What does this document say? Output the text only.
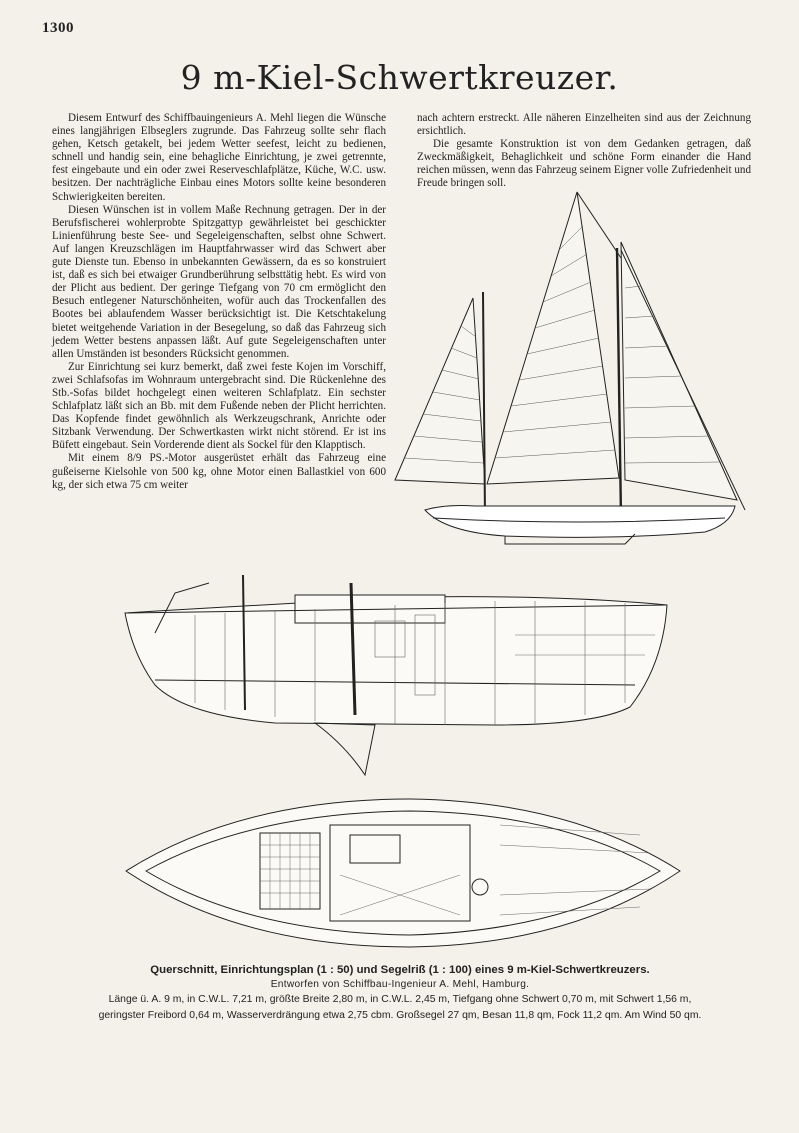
1300
9 m-Kiel-Schwertkreuzer.

Diesem Entwurf des Schiffbauingenieurs A. Mehl liegen die Wünsche eines langjährigen Elbseglers zugrunde. Das Fahrzeug sollte sehr flach gehen, Ketsch getakelt, bei jedem Wetter seefest, leicht zu bedienen, schnell und handig sein, eine behagliche Einrichtung, je zwei getrennte, fest eingebaute und ein oder zwei Reserveschlafplätze, Küche, W.C. usw. besitzen. Der nachträgliche Einbau eines Motors sollte keine besonderen Schwierigkeiten bereiten.

Diesen Wünschen ist in vollem Maße Rechnung getragen. Der in der Berufsfischerei wohlerprobte Spitzgattyp gewährleistet bei geschickter Linienführung beste See- und Segeleigenschaften, selbst ohne Schwert. Auf langen Kreuzschlägen im Hauptfahrwasser wird das Schwert aber gute Dienste tun. Ebenso in unbekannten Gewässern, da es so konstruiert ist, daß es sich bei etwaiger Grundberührung selbsttätig hebt. Es wird von der Plicht aus bedient. Der geringe Tiefgang von 70 cm ermöglicht den Besuch entlegener Naturschönheiten, wofür auch das Trockenfallen des Bootes bei ablaufendem Wasser berücksichtigt ist. Die Ketschtakelung bietet weitgehende Variation in der Besegelung, so daß das Fahrzeug sich jedem Wetter bestens anpassen läßt. Auf gute Segeleigenschaften unter allen Umständen ist besonders Rücksicht genommen.

Zur Einrichtung sei kurz bemerkt, daß zwei feste Kojen im Vorschiff, zwei Schlafsofas im Wohnraum untergebracht sind. Die Rückenlehne des Stb.-Sofas bildet hochgelegt einen weiteren Schlafplatz. Ein sechster Schlafplatz läßt sich an Bb. mit dem Fußende neben der Plicht herrichten. Das Kopfende findet gewöhnlich als Werkzeugschrank, Anrichte oder Sitzbank Verwendung. Der Schwertkasten wirkt nicht störend. Er ist ins Büfett eingebaut. Sein Vorderende dient als Sockel für den Klapptisch.

Mit einem 8/9 PS.-Motor ausgerüstet erhält das Fahrzeug eine gußeiserne Kielsohle von 500 kg, ohne Motor einen Ballastkiel von 600 kg, der sich etwa 75 cm weiter

nach achtern erstreckt. Alle näheren Einzelheiten sind aus der Zeichnung ersichtlich.

Die gesamte Konstruktion ist von dem Gedanken getragen, daß Zweckmäßigkeit, Behaglichkeit und schöne Form einander die Hand reichen müssen, wenn das Fahrzeug seinem Eigner volle Zufriedenheit und Freude bringen soll.

Querschnitt, Einrichtungsplan (1 : 50) und Segelriß (1 : 100) eines 9 m-Kiel-Schwertkreuzers.
Entworfen von Schiffbau-Ingenieur A. Mehl, Hamburg.
Länge ü. A. 9 m, in C.W.L. 7,21 m, größte Breite 2,80 m, in C.W.L. 2,45 m, Tiefgang ohne Schwert 0,70 m, mit Schwert 1,56 m,
geringster Freibord 0,64 m, Wasserverdrängung etwa 2,75 cbm. Großsegel 27 qm, Besan 11,8 qm, Fock 11,2 qm. Am Wind 50 qm.
